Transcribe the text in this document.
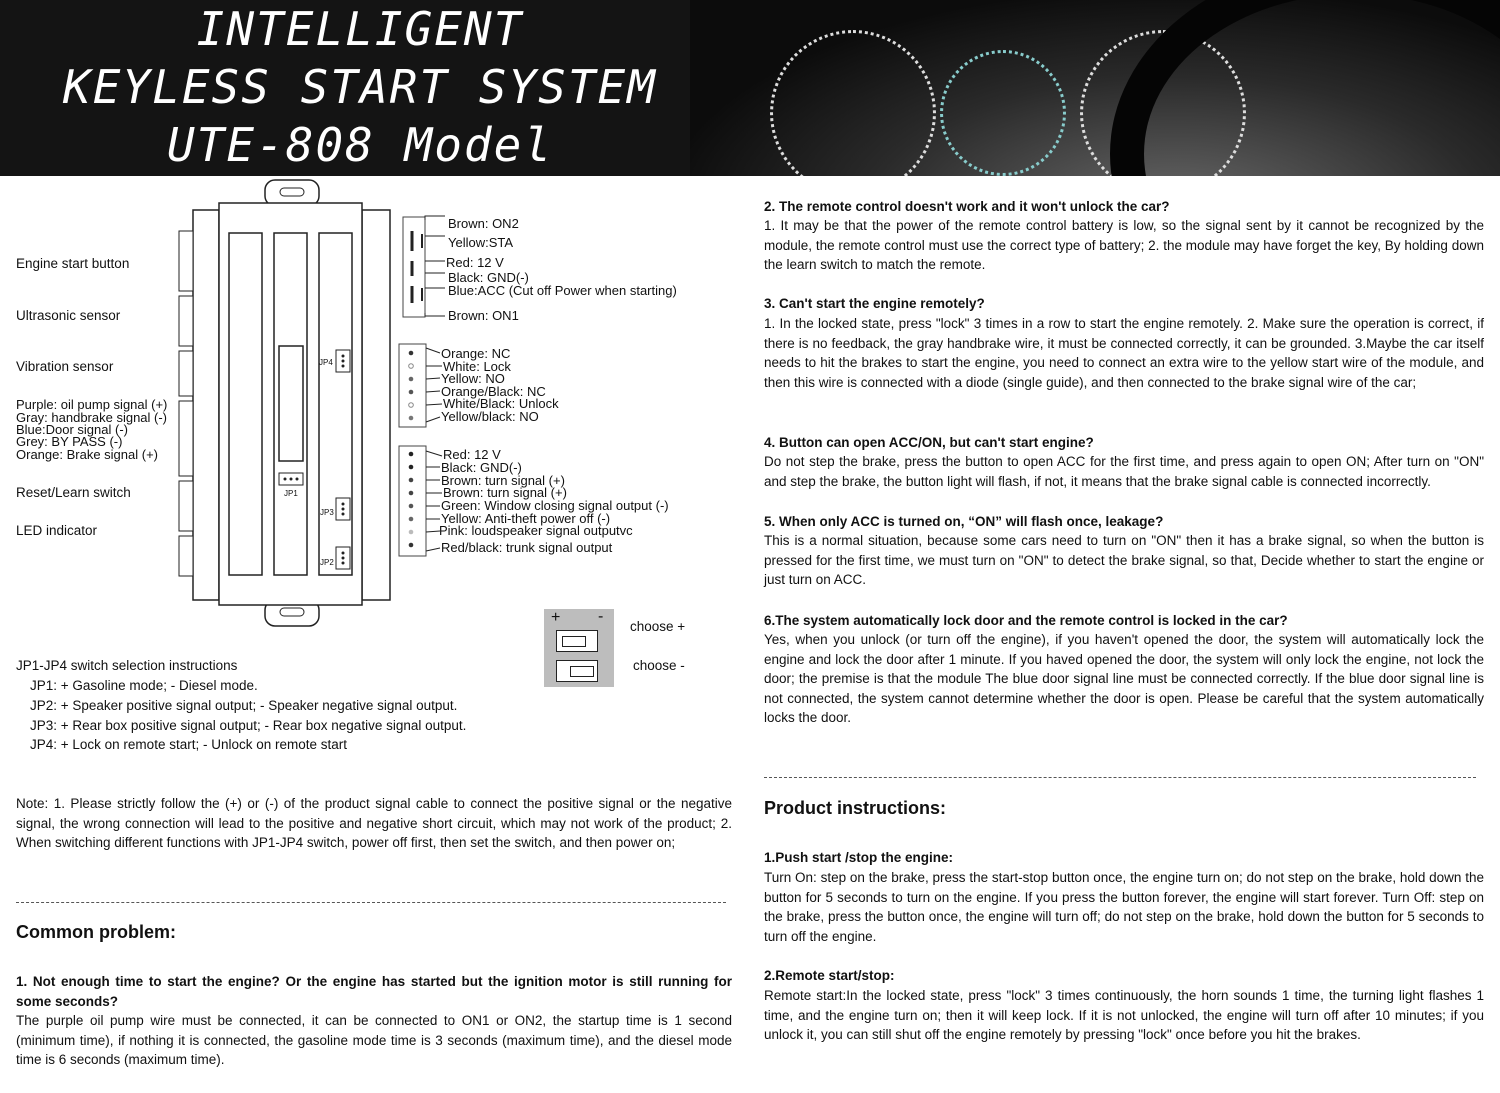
INTELLIGENT
KEYLESS START SYSTEM
UTE-808 Model
Engine start button
Ultrasonic sensor
Vibration sensor
Purple: oil pump signal (+)
Gray: handbrake signal (-)
Blue:Door signal (-)
Grey: BY PASS (-)
Orange: Brake signal (+)
Reset/Learn switch
LED indicator
Brown: ON2
Yellow:STA
Red: 12 V
Black: GND(-)
Blue:ACC (Cut off Power when starting)
Brown: ON1
Orange: NC
White: Lock
Yellow: NO
Orange/Black: NC
White/Black: Unlock
Yellow/black: NO
Red: 12 V
Black: GND(-)
Brown: turn signal (+)
Brown: turn signal (+)
Green: Window closing signal output (-)
Yellow: Anti-theft power off (-)
Pink: loudspeaker signal outputvc
Red/black: trunk signal output
JP4
JP1
JP3
JP2
+ -
choose +
choose -
JP1-JP4 switch selection instructions
JP1: + Gasoline mode; - Diesel mode.
JP2: + Speaker positive signal output; - Speaker negative signal output.
JP3: + Rear box positive signal output; - Rear box negative signal output.
JP4: + Lock on remote start; - Unlock on remote start
Note: 1. Please strictly follow the (+) or (-) of the product signal cable to connect the positive signal or the negative signal, the wrong connection will lead to the positive and negative short circuit, which may not work of the product; 2. When switching different functions with JP1-JP4 switch, power off first, then set the switch, and then power on;
Common problem:
1. Not enough time to start the engine? Or the engine has started but the ignition motor is still running for some seconds?
The purple oil pump wire must be connected, it can be connected to ON1 or ON2, the startup time is 1 second (minimum time), if nothing it is connected, the gasoline mode time is 3 seconds (maximum time), and the diesel mode time is 6 seconds (maximum time).
2. The remote control doesn't work and it won't unlock the car?
1. It may be that the power of the remote control battery is low, so the signal sent by it cannot be recognized by the module, the remote control must use the correct type of battery; 2. the module may have forget the key, By holding down the learn switch to match the remote.
3. Can't start the engine remotely?
1. In the locked state, press "lock" 3 times in a row to start the engine remotely. 2. Make sure the operation is correct, if there is no feedback, the gray handbrake wire, it must be connected correctly, it can be grounded. 3.Maybe the car itself needs to hit the brakes to start the engine, you need to connect an extra wire to the yellow start wire of the module, and then this wire is connected with a diode (single guide), and then connected to the brake signal wire of the car;
4. Button can open ACC/ON, but can't start engine?
Do not step the brake, press the button to open ACC for the first time, and press again to open ON; After turn on "ON" and step the brake, the button light will flash, if not, it means that the brake signal cable is connected incorrectly.
5. When only ACC is turned on, “ON” will flash once, leakage?
This is a normal situation, because some cars need to turn on "ON" then it has a brake signal, so when the button is pressed for the first time, we must turn on "ON" to detect the brake signal, so that, Decide whether to start the engine or just turn on ACC.
6.The system automatically lock door and the remote control is locked in the car?
Yes, when you unlock (or turn off the engine), if you haven't opened the door, the system will automatically lock the engine and lock the door after 1 minute. If you haved opened the door, the system will only lock the engine, not lock the door; the premise is that the module The blue door signal line must be connected correctly. If the blue door signal line is not connected, the system cannot determine whether the door is open. Please be careful that the system automatically locks the door.
Product instructions:
1.Push start /stop the engine:
Turn On: step on the brake, press the start-stop button once, the engine turn on; do not step on the brake, hold down the button for 5 seconds to turn on the engine. If you press the button forever, the engine will start forever. Turn Off: step on the brake, press the button once, the engine will turn off; do not step on the brake, hold down the button for 5 seconds to turn off the engine.
2.Remote start/stop:
Remote start:In the locked state, press "lock" 3 times continuously, the horn sounds 1 time, the turning light flashes 1 time, and the engine turn on; then it will keep lock. If it is not unlocked, the engine will turn off after 10 minutes; if you unlock it, you can still shut off the engine remotely by pressing "lock" once before you hit the brakes.
